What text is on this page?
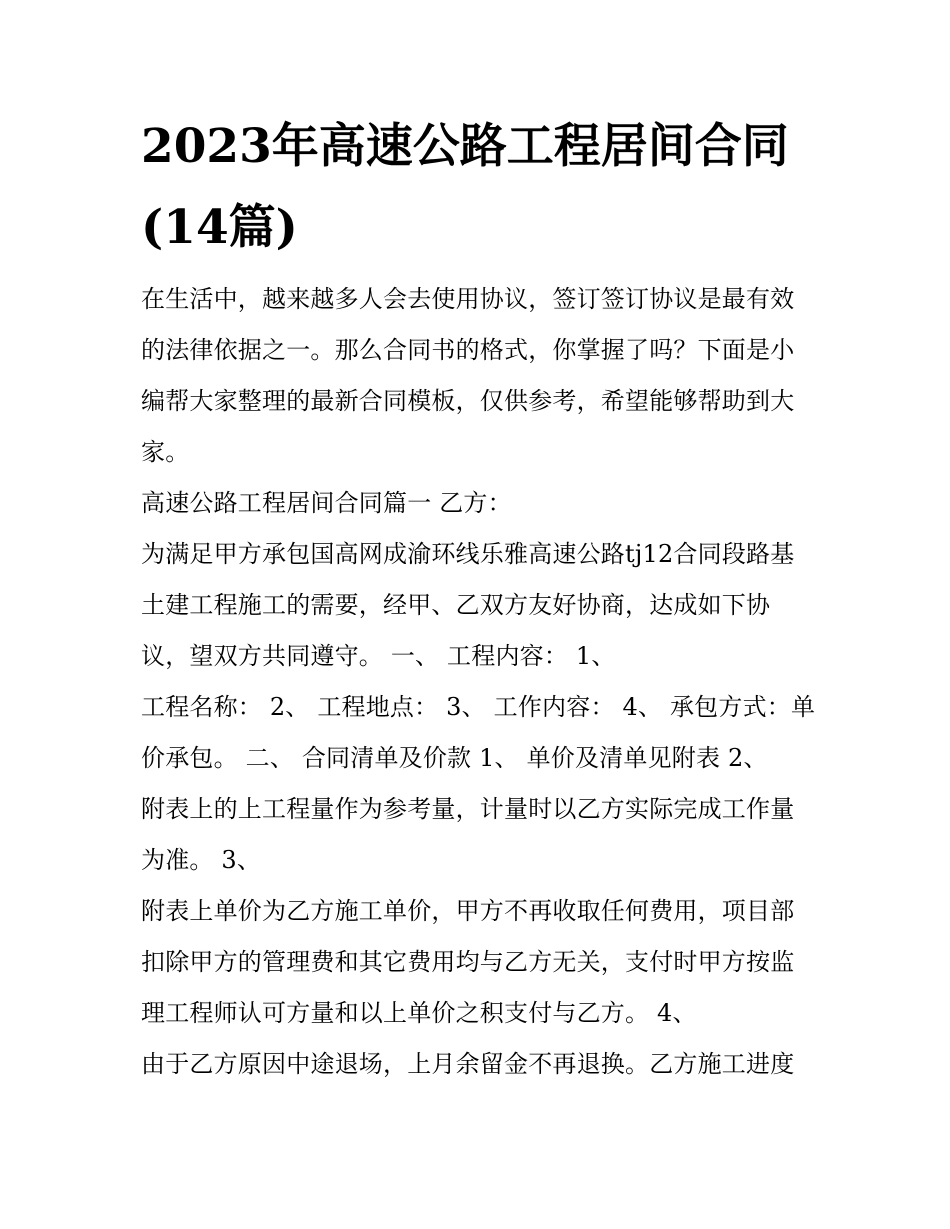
2023年高速公路工程居间合同
(14篇)
在生活中，越来越多人会去使用协议，签订签订协议是最有效
的法律依据之一。那么合同书的格式，你掌握了吗？下面是小
编帮大家整理的最新合同模板，仅供参考，希望能够帮助到大
家。
高速公路工程居间合同篇一 乙方：
为满足甲方承包国高网成渝环线乐雅高速公路tj12合同段路基
土建工程施工的需要，经甲、乙双方友好协商，达成如下协
议，望双方共同遵守。 一、 工程内容： 1、
工程名称： 2、 工程地点： 3、 工作内容： 4、 承包方式：单
价承包。 二、 合同清单及价款 1、 单价及清单见附表 2、
附表上的上工程量作为参考量，计量时以乙方实际完成工作量
为准。 3、
附表上单价为乙方施工单价，甲方不再收取任何费用，项目部
扣除甲方的管理费和其它费用均与乙方无关，支付时甲方按监
理工程师认可方量和以上单价之积支付与乙方。 4、
由于乙方原因中途退场，上月余留金不再退换。乙方施工进度
